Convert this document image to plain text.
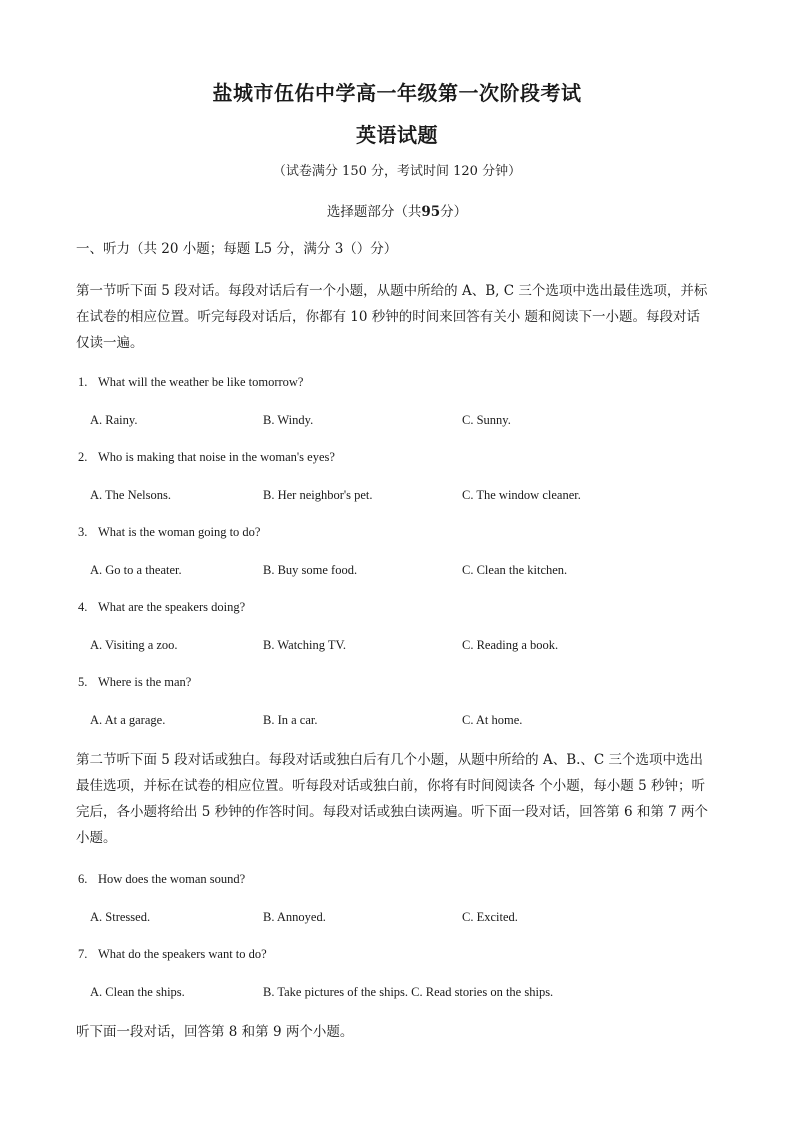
盐城市伍佑中学高一年级第一次阶段考试
英语试题
（试卷满分 150 分，考试时间 120 分钟）
选择题部分（共95分）
一、听力（共 20 小题；每题 L5 分，满分 3（）分）
第一节听下面 5 段对话。每段对话后有一个小题，从题中所给的 A、B, C 三个选项中选出最佳选项，并标
在试卷的相应位置。听完每段对话后，你都有 10 秒钟的时间来回答有关小 题和阅读下一小题。每段对话
仅读一遍。
1. What will the weather be like tomorrow?
A. Rainy.	B. Windy.	C. Sunny.
2. Who is making that noise in the woman's eyes?
A. The Nelsons.	B. Her neighbor's pet.	C. The window cleaner.
3. What is the woman going to do?
A. Go to a theater.	B. Buy some food.	C. Clean the kitchen.
4. What are the speakers doing?
A. Visiting a zoo.	B. Watching TV.	C. Reading a book.
5. Where is the man?
A. At a garage.	B. In a car.	C. At home.
第二节听下面 5 段对话或独白。每段对话或独白后有几个小题，从题中所给的 A、B.、C 三个选项中选出
最佳选项，并标在试卷的相应位置。听每段对话或独白前，你将有时间阅读各 个小题，每小题 5 秒钟；听
完后，各小题将给出 5 秒钟的作答时间。每段对话或独白读两遍。听下面一段对话，回答第 6 和第 7 两个
小题。
6. How does the woman sound?
A. Stressed.	B. Annoyed.	C. Excited.
7. What do the speakers want to do?
A. Clean the ships.	B. Take pictures of the ships. C. Read stories on the ships.
听下面一段对话，回答第 8 和第 9 两个小题。
